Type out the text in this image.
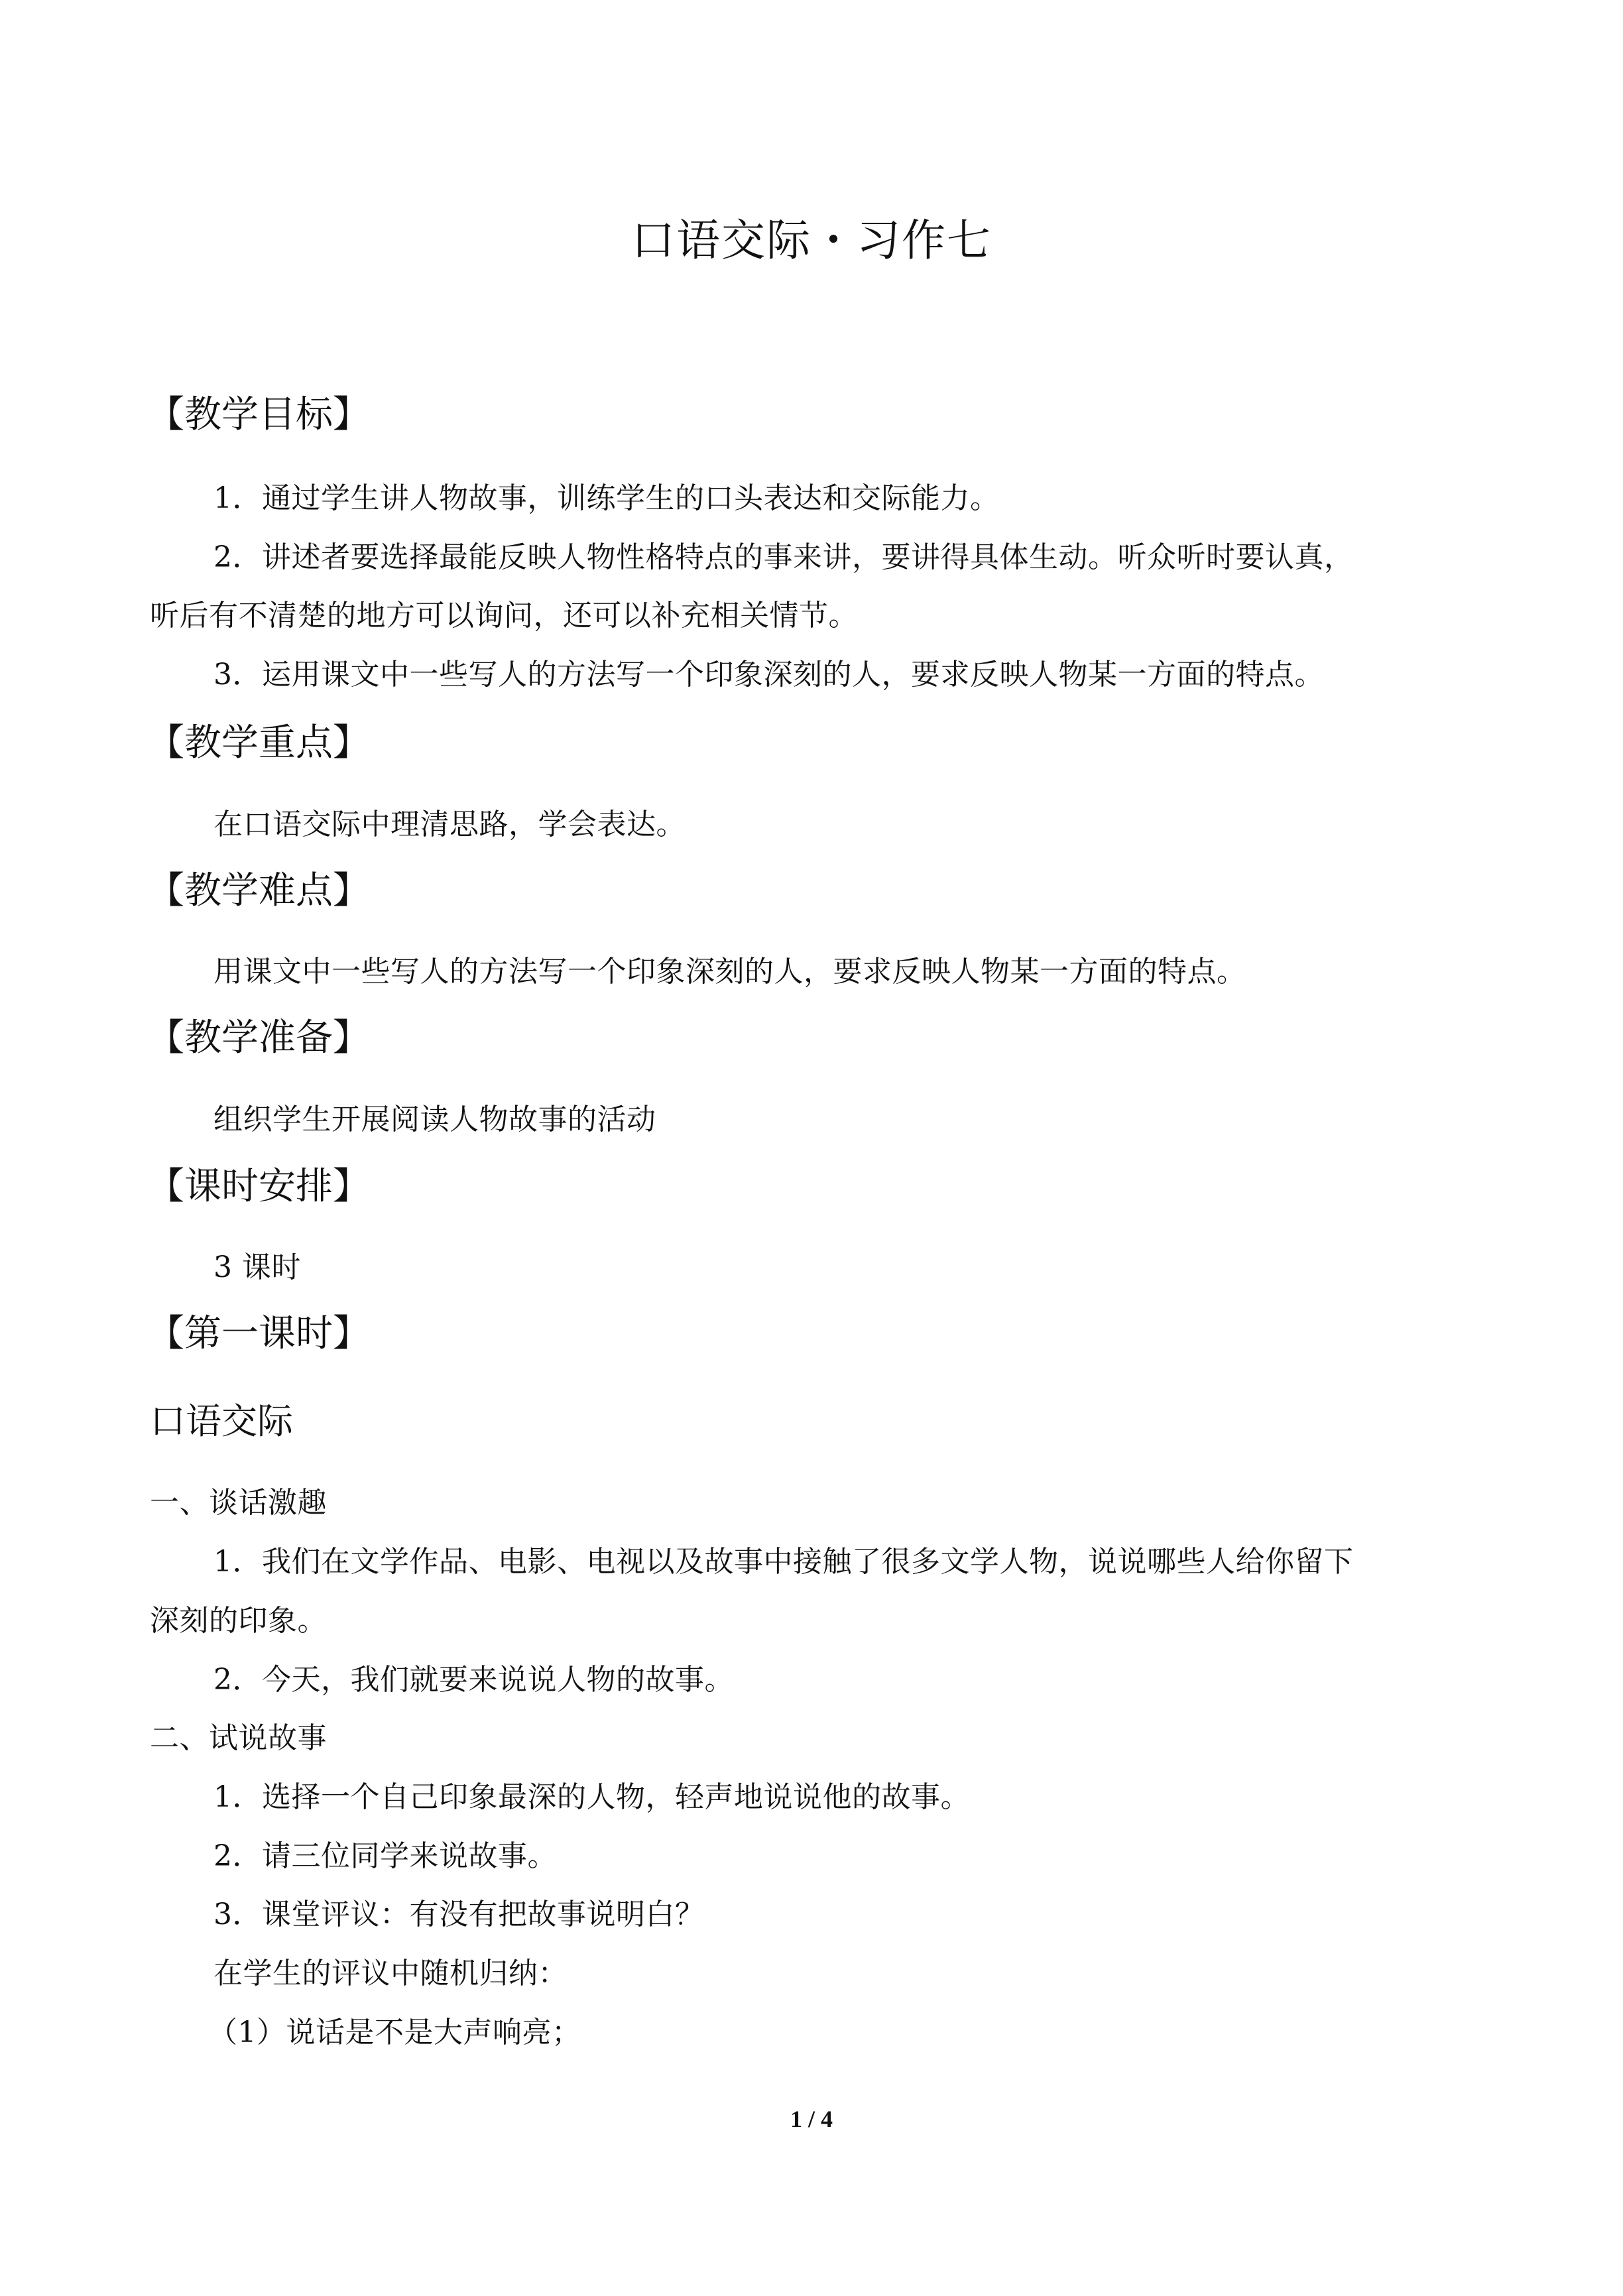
口语交际・习作七
【教学目标】
1．通过学生讲人物故事，训练学生的口头表达和交际能力。
2．讲述者要选择最能反映人物性格特点的事来讲，要讲得具体生动。听众听时要认真，
听后有不清楚的地方可以询问，还可以补充相关情节。
3．运用课文中一些写人的方法写一个印象深刻的人，要求反映人物某一方面的特点。
【教学重点】
在口语交际中理清思路，学会表达。
【教学难点】
用课文中一些写人的方法写一个印象深刻的人，要求反映人物某一方面的特点。
【教学准备】
组织学生开展阅读人物故事的活动
【课时安排】
3 课时
【第一课时】
口语交际
一、谈话激趣
1．我们在文学作品、电影、电视以及故事中接触了很多文学人物，说说哪些人给你留下
深刻的印象。
2．今天，我们就要来说说人物的故事。
二、试说故事
1．选择一个自己印象最深的人物，轻声地说说他的故事。
2．请三位同学来说故事。
3．课堂评议：有没有把故事说明白？
在学生的评议中随机归纳：
（1）说话是不是大声响亮；
1 / 4
